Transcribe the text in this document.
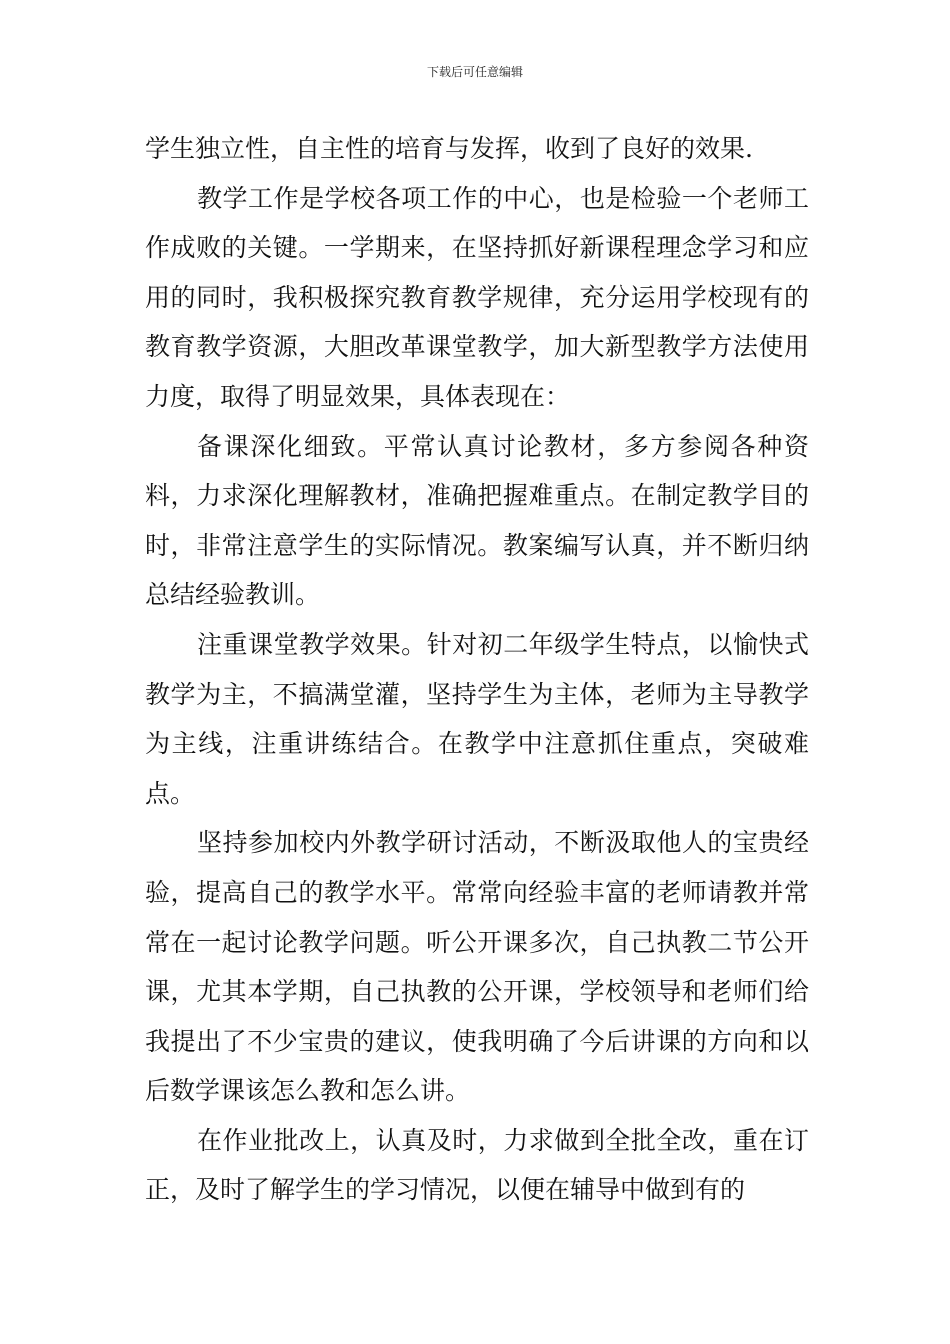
下载后可任意编辑

学生独立性，自主性的培育与发挥，收到了良好的效果.

教学工作是学校各项工作的中心，也是检验一个老师工作成败的关键。一学期来，在坚持抓好新课程理念学习和应用的同时，我积极探究教育教学规律，充分运用学校现有的教育教学资源，大胆改革课堂教学，加大新型教学方法使用力度，取得了明显效果，具体表现在：

备课深化细致。平常认真讨论教材，多方参阅各种资料，力求深化理解教材，准确把握难重点。在制定教学目的时，非常注意学生的实际情况。教案编写认真，并不断归纳总结经验教训。

注重课堂教学效果。针对初二年级学生特点，以愉快式教学为主，不搞满堂灌，坚持学生为主体，老师为主导教学为主线，注重讲练结合。在教学中注意抓住重点，突破难点。

坚持参加校内外教学研讨活动，不断汲取他人的宝贵经验，提高自己的教学水平。常常向经验丰富的老师请教并常常在一起讨论教学问题。听公开课多次，自己执教二节公开课，尤其本学期，自己执教的公开课，学校领导和老师们给我提出了不少宝贵的建议，使我明确了今后讲课的方向和以后数学课该怎么教和怎么讲。

在作业批改上，认真及时，力求做到全批全改，重在订正，及时了解学生的学习情况，以便在辅导中做到有的
